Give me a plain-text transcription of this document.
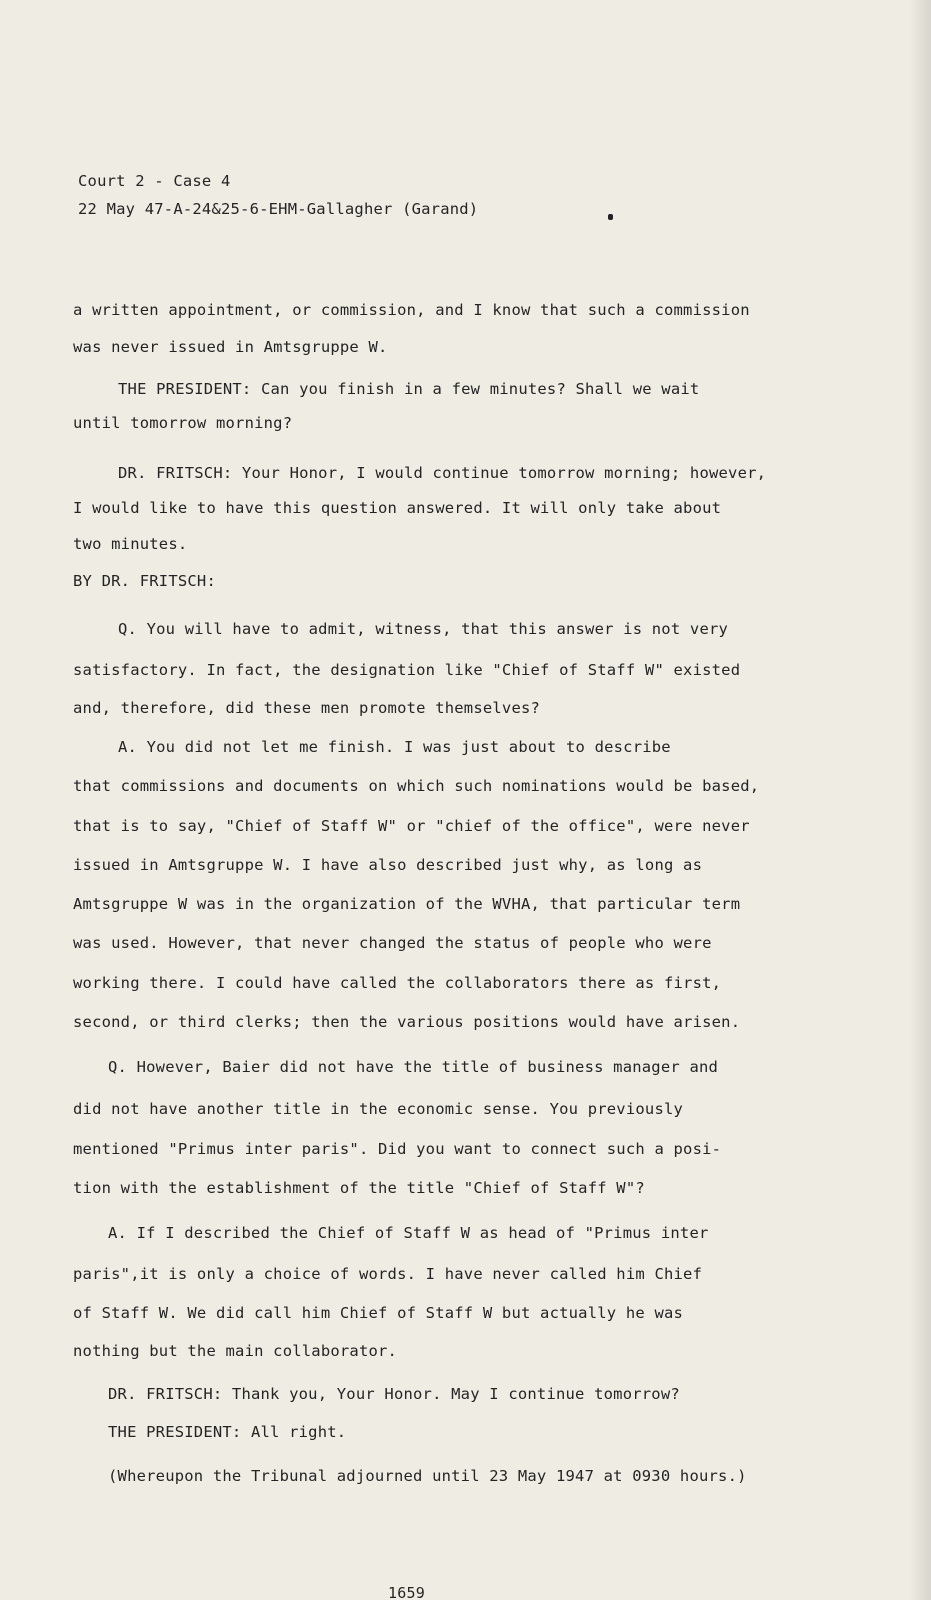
Court 2 - Case 4
22 May 47-A-24&25-6-EHM-Gallagher (Garand)
a written appointment, or commission, and I know that such a commission
was never issued in Amtsgruppe W.
THE PRESIDENT: Can you finish in a few minutes? Shall we wait
until tomorrow morning?
DR. FRITSCH: Your Honor, I would continue tomorrow morning; however,
I would like to have this question answered. It will only take about
two minutes.
BY DR. FRITSCH:
Q. You will have to admit, witness, that this answer is not very
satisfactory. In fact, the designation like "Chief of Staff W" existed
and, therefore, did these men promote themselves?
A. You did not let me finish. I was just about to describe
that commissions and documents on which such nominations would be based,
that is to say, "Chief of Staff W" or "chief of the office", were never
issued in Amtsgruppe W. I have also described just why, as long as
Amtsgruppe W was in the organization of the WVHA, that particular term
was used. However, that never changed the status of people who were
working there. I could have called the collaborators there as first,
second, or third clerks; then the various positions would have arisen.
Q. However, Baier did not have the title of business manager and
did not have another title in the economic sense. You previously
mentioned "Primus inter paris". Did you want to connect such a posi-
tion with the establishment of the title "Chief of Staff W"?
A. If I described the Chief of Staff W as head of "Primus inter
paris",it is only a choice of words. I have never called him Chief
of Staff W. We did call him Chief of Staff W but actually he was
nothing but the main collaborator.
DR. FRITSCH: Thank you, Your Honor. May I continue tomorrow?
THE PRESIDENT: All right.
(Whereupon the Tribunal adjourned until 23 May 1947 at 0930 hours.)
1659
